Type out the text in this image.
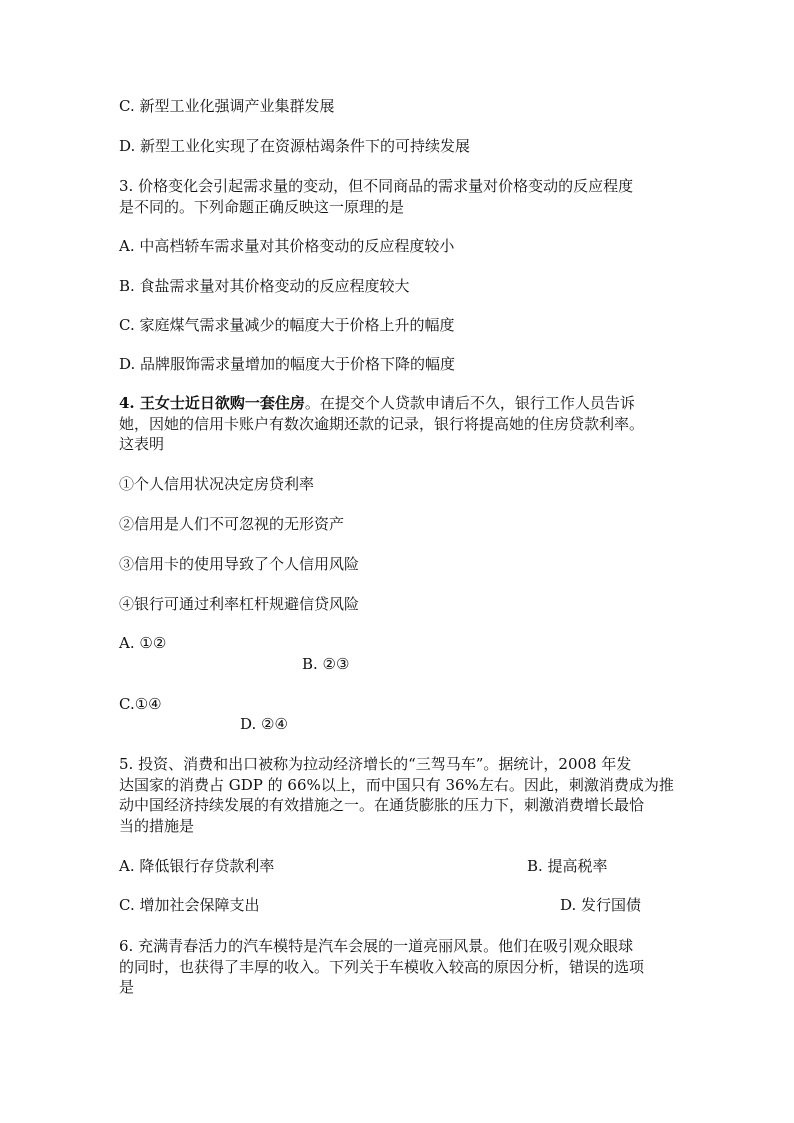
C. 新型工业化强调产业集群发展
D. 新型工业化实现了在资源枯竭条件下的可持续发展
3. 价格变化会引起需求量的变动，但不同商品的需求量对价格变动的反应程度
是不同的。下列命题正确反映这一原理的是
A. 中高档轿车需求量对其价格变动的反应程度较小
B. 食盐需求量对其价格变动的反应程度较大
C. 家庭煤气需求量减少的幅度大于价格上升的幅度
D. 品牌服饰需求量增加的幅度大于价格下降的幅度
4. 王女士近日欲购一套住房。在提交个人贷款申请后不久，银行工作人员告诉
她，因她的信用卡账户有数次逾期还款的记录，银行将提高她的住房贷款利率。
这表明
①个人信用状况决定房贷利率
②信用是人们不可忽视的无形资产
③信用卡的使用导致了个人信用风险
④银行可通过利率杠杆规避信贷风险
A. ①②
B. ②③
C.①④
D. ②④
5. 投资、消费和出口被称为拉动经济增长的“三驾马车”。据统计，2008 年发
达国家的消费占 GDP 的 66%以上，而中国只有 36%左右。因此，刺激消费成为推
动中国经济持续发展的有效措施之一。在通货膨胀的压力下，刺激消费增长最恰
当的措施是
A. 降低银行存贷款利率	B. 提高税率
C. 增加社会保障支出	D. 发行国债
6. 充满青春活力的汽车模特是汽车会展的一道亮丽风景。他们在吸引观众眼球
的同时，也获得了丰厚的收入。下列关于车模收入较高的原因分析，错误的选项
是
